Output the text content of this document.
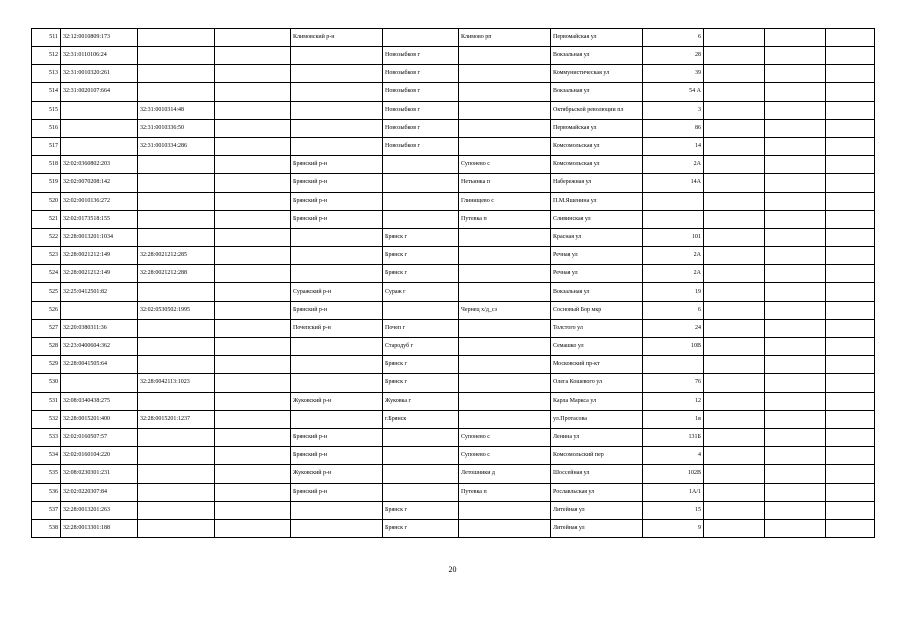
511	32:12:0010809:173			Климовский р-н		Климово рп	Первомайская ул	6			
512	32:31:0110106:24				Новозыбков г		Вокзальная ул	28			
513	32:31:0010320:261				Новозыбков г		Коммунистическая ул	39			
514	32:31:0020107:664				Новозыбков г		Вокзальная ул	54 А			
515		32:31:0010314:48			Новозыбков г		Октябрьской революции пл	3			
516		32:31:0010336:50			Новозыбков г		Первомайская ул	86			
517		32:31:0010334:286			Новозыбков г		Комсомольская ул	14			
518	32:02:0360802:203			Брянский р-н		Супонево с	Комсомольская ул	2А			
519	32:02:0070208:142			Брянский р-н		Нетьинка п	Набережная ул	14А			
520	32:02:0010136:272			Брянский р-н		Глинищево с	П.М.Яшенина ул				
521	32:02:0173518:155			Брянский р-н		Путевка п	Сливинская ул				
522	32:28:0013201:1034				Брянск г		Красная ул	101			
523	32:28:0021212:149	32:28:0021212:285			Брянск г		Речная ул	2А			
524	32:28:0021212:149	32:28:0021212:288			Брянск г		Речная ул	2А			
525	32:25:0412501:82			Суражский р-н	Сураж г		Вокзальная ул	19			
526		32:02:0530502:1995		Брянский р-н		Чернец х/д_сз	Сосновый Бор мкр	6			
527	32:20:0380311:36			Почепский р-н	Почеп г		Толстого ул	24			
528	32:23:0400604:362				Стародуб г		Семашко ул	10В			
529	32:28:0041505:64				Брянск г		Московский пр-кт				
530		32:28:0042113:1023			Брянск г		Олега Кошевого ул	76			
531	32:08:0340438:275			Жуковский р-н	Жуковка г		Карла Маркса ул	12			
532	32:28:0015201:400	32:28:0015201:1237			г.Брянск		ул.Протасова	1в			
533	32:02:0160507:57			Брянский р-н		Супонево с	Ленина ул	131Б			
534	32:02:0160104:220			Брянский р-н		Супонево с	Комсомольский пер	4			
535	32:08:0230301:231			Жуковский р-н		Летошники д	Шоссейная ул	102В			
536	32:02:0220307:84			Брянский р-н		Путевка п	Рославльская ул	1А/1			
537	32:28:0013201:263				Брянск г		Литейная ул	15			
538	32:28:0013301:188				Брянск г		Литейная ул	9			
20
